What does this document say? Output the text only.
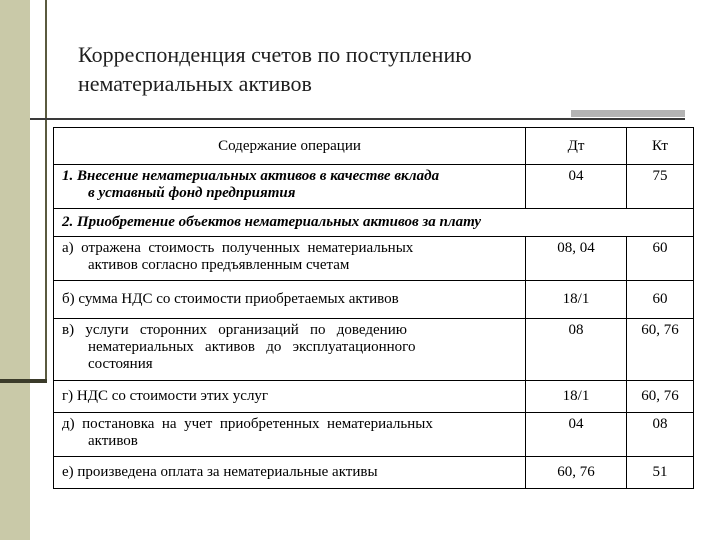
Корреспонденция счетов по поступлению
нематериальных активов
Содержание операции	Дт	Кт
1. Внесение нематериальных активов в качестве вклада
в уставный фонд предприятия	04	75
2. Приобретение объектов нематериальных активов за плату		
а)  отражена  стоимость  полученных  нематериальных
активов согласно предъявленным счетам	08, 04	60
б) сумма НДС со стоимости приобретаемых активов	18/1	60
в)   услуги   сторонних   организаций   по   доведению
нематериальных   активов   до   эксплуатационного
состояния	08	60, 76
г) НДС со стоимости этих услуг	18/1	60, 76
д)  постановка  на  учет  приобретенных  нематериальных
активов	04	08
е) произведена оплата за нематериальные активы	60, 76	51
